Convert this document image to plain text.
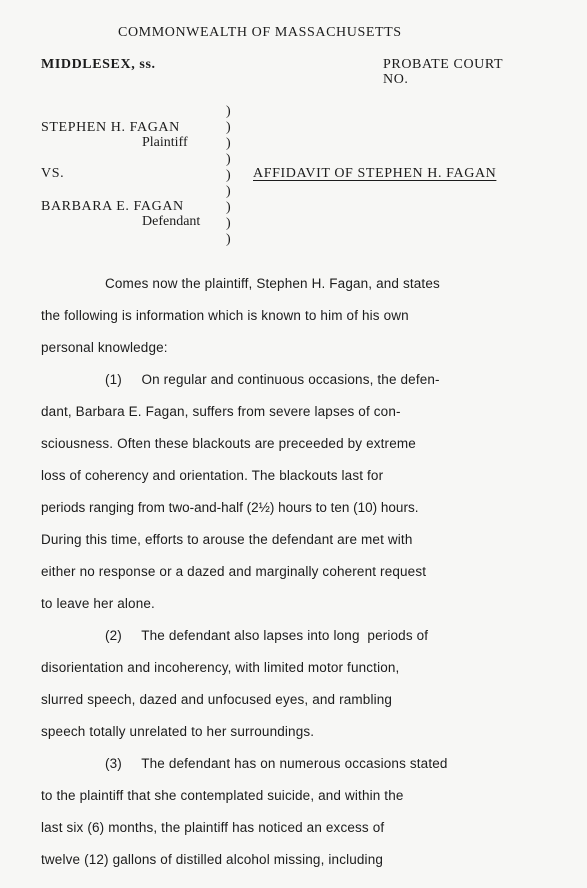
COMMONWEALTH OF MASSACHUSETTS
MIDDLESEX, ss.	PROBATE COURT
NO.
STEPHEN H. FAGAN
Plaintiff
VS.
BARBARA E. FAGAN
Defendant
)
)
)
)
)
)
)
)
)
AFFIDAVIT OF STEPHEN H. FAGAN
Comes now the plaintiff, Stephen H. Fagan, and states
the following is information which is known to him of his own
personal knowledge:
(1)     On regular and continuous occasions, the defen-
dant, Barbara E. Fagan, suffers from severe lapses of con-
sciousness. Often these blackouts are preceeded by extreme
loss of coherency and orientation. The blackouts last for
periods ranging from two-and-half (2½) hours to ten (10) hours.
During this time, efforts to arouse the defendant are met with
either no response or a dazed and marginally coherent request
to leave her alone.
(2)     The defendant also lapses into long  periods of
disorientation and incoherency, with limited motor function,
slurred speech, dazed and unfocused eyes, and rambling
speech totally unrelated to her surroundings.
(3)     The defendant has on numerous occasions stated
to the plaintiff that she contemplated suicide, and within the
last six (6) months, the plaintiff has noticed an excess of
twelve (12) gallons of distilled alcohol missing, including
